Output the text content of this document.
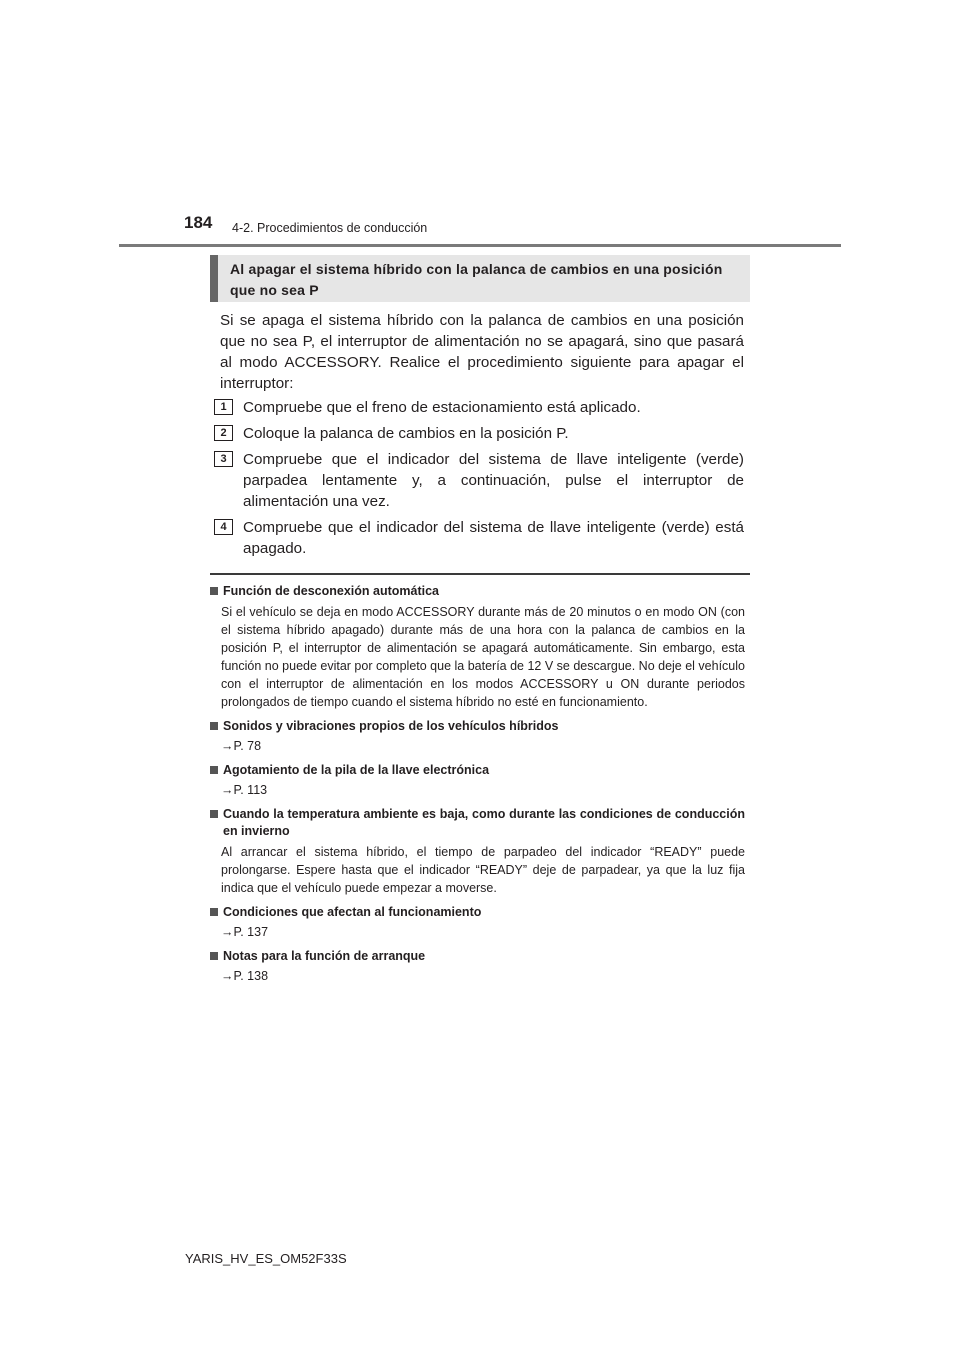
184 4-2. Procedimientos de conducción
Al apagar el sistema híbrido con la palanca de cambios en una posición
que no sea P

Si se apaga el sistema híbrido con la palanca de cambios en una posición que no sea P, el interruptor de alimentación no se apagará, sino que pasará al modo ACCESSORY. Realice el procedimiento siguiente para apagar el interruptor:

1	Compruebe que el freno de estacionamiento está aplicado.

2	Coloque la palanca de cambios en la posición P.

3	Compruebe que el indicador del sistema de llave inteligente (verde) parpadea lentamente y, a continuación, pulse el interruptor de alimentación una vez.

4	Compruebe que el indicador del sistema de llave inteligente (verde) está apagado.

Función de desconexión automática
Si el vehículo se deja en modo ACCESSORY durante más de 20 minutos o en modo ON (con el sistema híbrido apagado) durante más de una hora con la palanca de cambios en la posición P, el interruptor de alimentación se apagará automáticamente. Sin embargo, esta función no puede evitar por completo que la batería de 12 V se descargue. No deje el vehículo con el interruptor de alimentación en los modos ACCESSORY u ON durante periodos prolongados de tiempo cuando el sistema híbrido no esté en funcionamiento.
Sonidos y vibraciones propios de los vehículos híbridos
→P. 78
Agotamiento de la pila de la llave electrónica
→P. 113
Cuando la temperatura ambiente es baja, como durante las condiciones de conducción en invierno
Al arrancar el sistema híbrido, el tiempo de parpadeo del indicador “READY” puede prolongarse. Espere hasta que el indicador “READY” deje de parpadear, ya que la luz fija indica que el vehículo puede empezar a moverse.
Condiciones que afectan al funcionamiento
→P. 137
Notas para la función de arranque
→P. 138
YARIS_HV_ES_OM52F33S
